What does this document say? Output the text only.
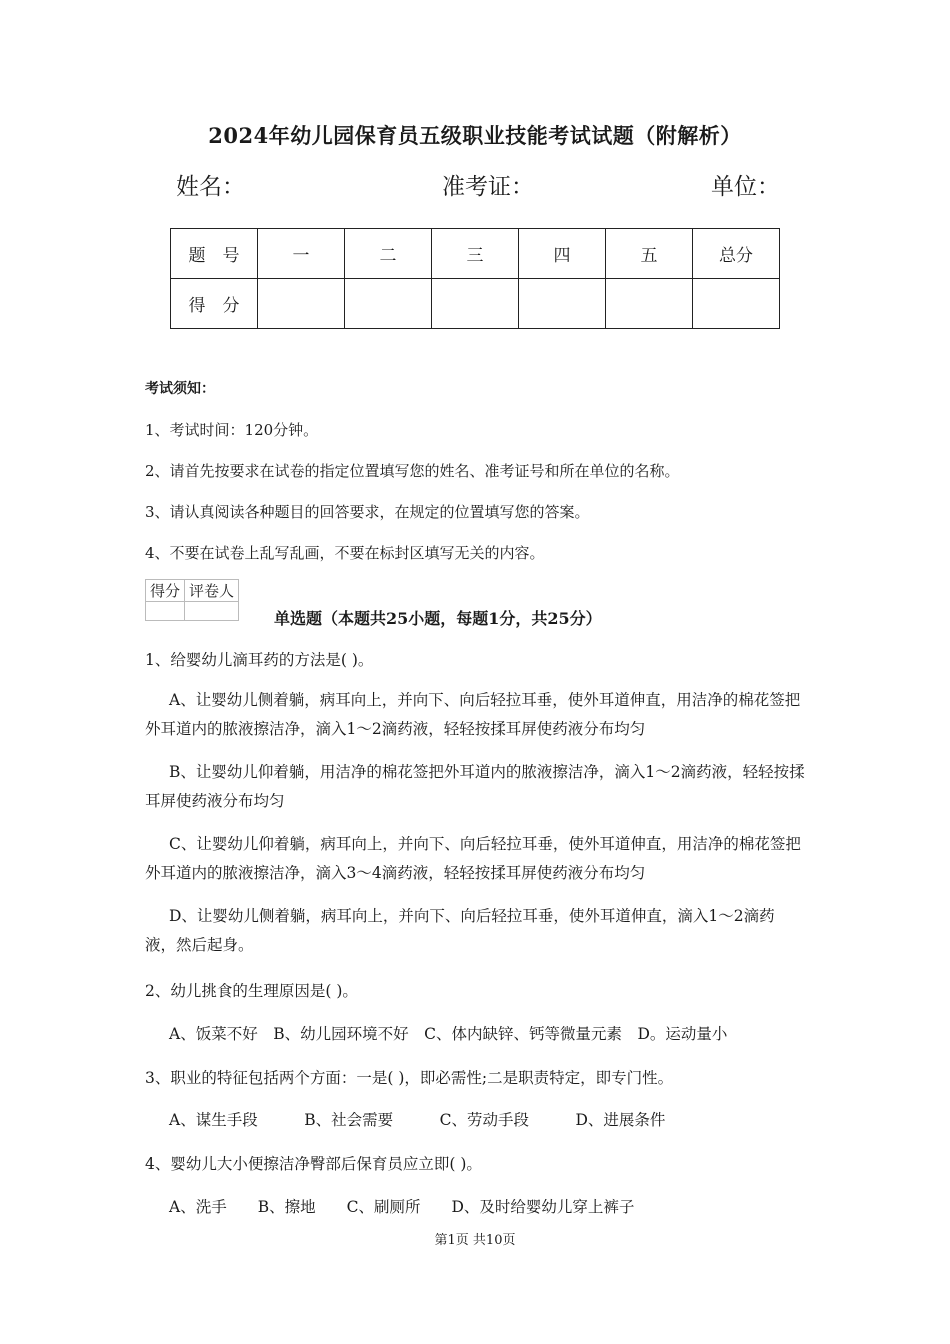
2024年幼儿园保育员五级职业技能考试试题（附解析）
姓名：	准考证：	单位：
题　号	一	二	三	四	五	总分
得　分						
考试须知：
1、考试时间：120分钟。
2、请首先按要求在试卷的指定位置填写您的姓名、准考证号和所在单位的名称。
3、请认真阅读各种题目的回答要求，在规定的位置填写您的答案。
4、不要在试卷上乱写乱画，不要在标封区填写无关的内容。
得分	评卷人

单选题（本题共25小题，每题1分，共25分）
1、给婴幼儿滴耳药的方法是( )。
A、让婴幼儿侧着躺，病耳向上，并向下、向后轻拉耳垂，使外耳道伸直，用洁净的棉花签把外耳道内的脓液擦洁净，滴入1～2滴药液，轻轻按揉耳屏使药液分布均匀
B、让婴幼儿仰着躺，用洁净的棉花签把外耳道内的脓液擦洁净，滴入1～2滴药液，轻轻按揉耳屏使药液分布均匀
C、让婴幼儿仰着躺，病耳向上，并向下、向后轻拉耳垂，使外耳道伸直，用洁净的棉花签把外耳道内的脓液擦洁净，滴入3～4滴药液，轻轻按揉耳屏使药液分布均匀
D、让婴幼儿侧着躺，病耳向上，并向下、向后轻拉耳垂，使外耳道伸直，滴入1～2滴药液，然后起身。
2、幼儿挑食的生理原因是( )。
A、饭菜不好　B、幼儿园环境不好　C、体内缺锌、钙等微量元素　D。运动量小
3、职业的特征包括两个方面：一是( )，即必需性;二是职责特定，即专门性。
A、谋生手段　　　B、社会需要　　　C、劳动手段　　　D、进展条件
4、婴幼儿大小便擦洁净臀部后保育员应立即( )。
A、洗手　　B、擦地　　C、刷厕所　　D、及时给婴幼儿穿上裤子
第1页 共10页
